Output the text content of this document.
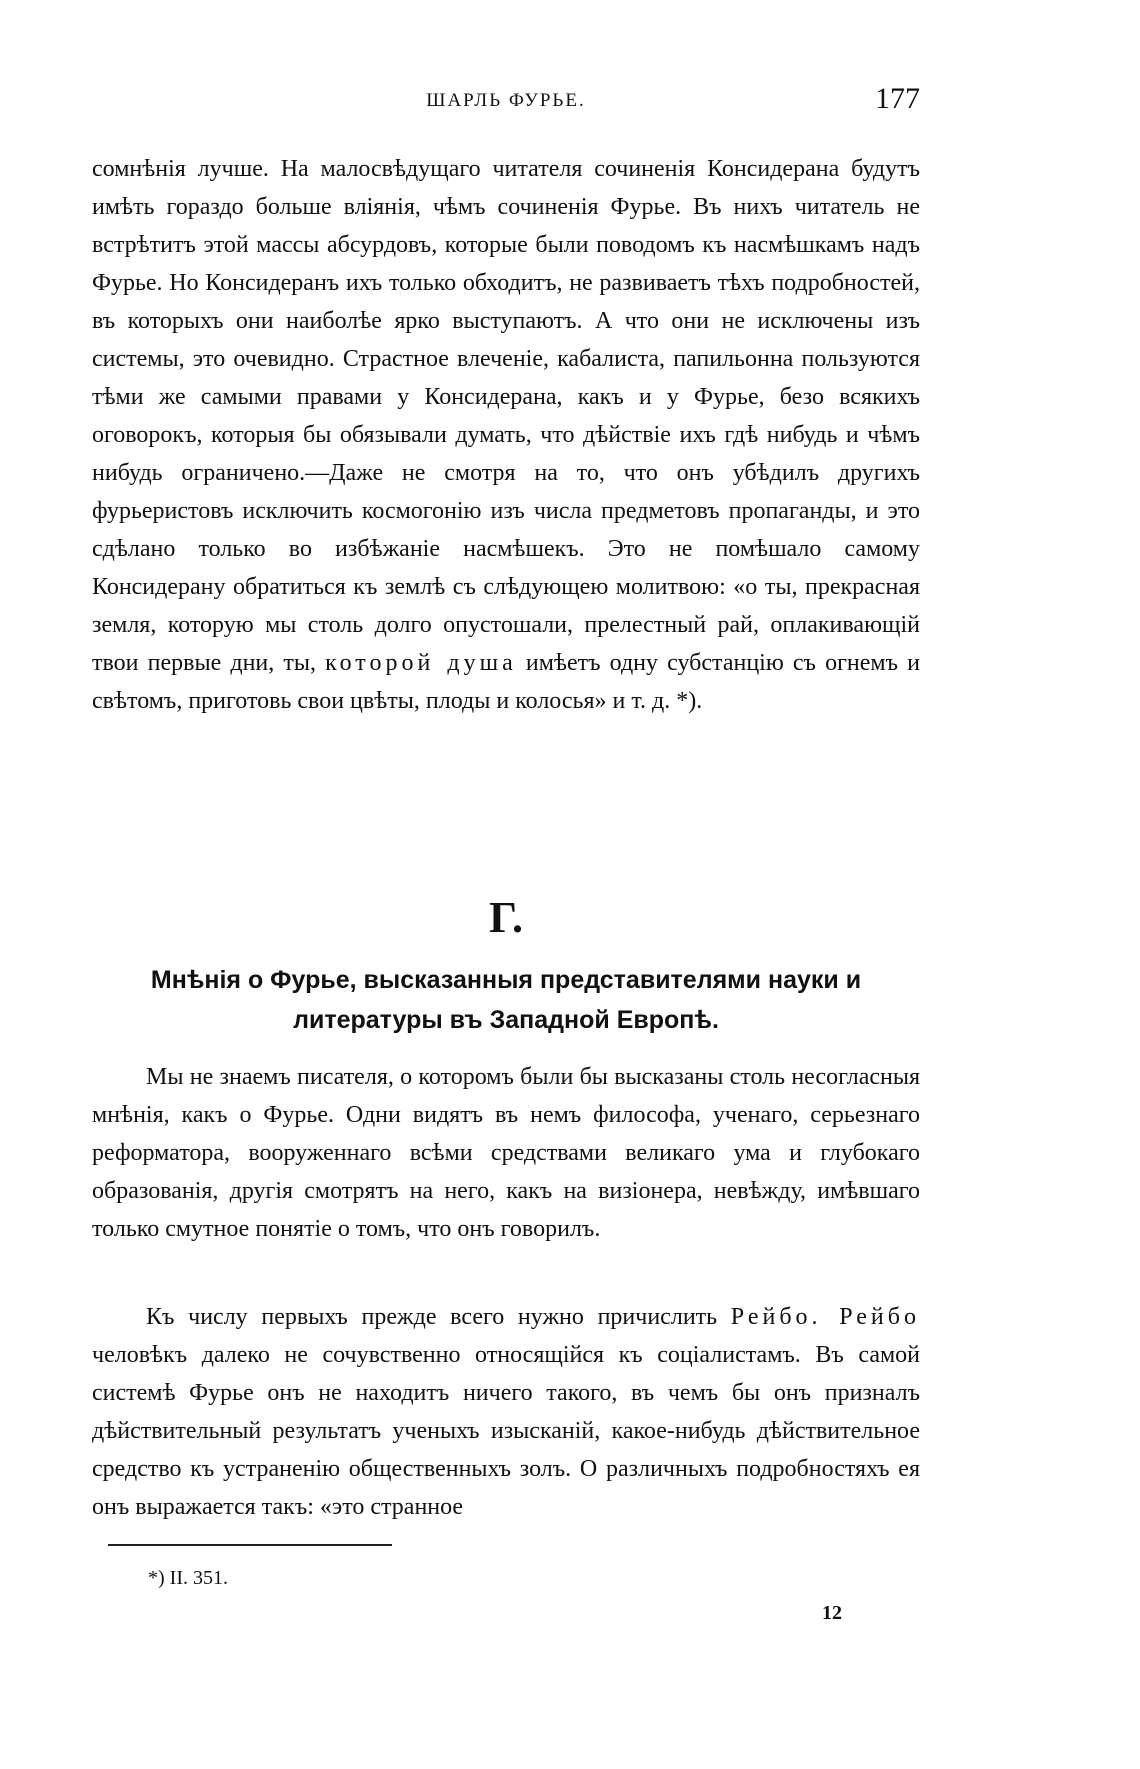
ШАРЛЬ ФУРЬЕ.	177

сомнѣнія лучше. На малосвѣдущаго читателя сочиненія Консидерана будутъ имѣть гораздо больше вліянія, чѣмъ сочиненія Фурье. Въ нихъ читатель не встрѣтитъ этой массы абсурдовъ, которые были поводомъ къ насмѣшкамъ надъ Фурье. Но Консидеранъ ихъ только обходитъ, не развиваетъ тѣхъ подробностей, въ которыхъ они наиболѣе ярко выступаютъ. А что они не исключены изъ системы, это очевидно. Страстное влеченіе, кабалиста, папильонна пользуются тѣми же самыми правами у Консидерана, какъ и у Фурье, безо всякихъ оговорокъ, которыя бы обязывали думать, что дѣйствіе ихъ гдѣ нибудь и чѣмъ нибудь ограничено.—Даже не смотря на то, что онъ убѣдилъ другихъ фурьеристовъ исключить космогонію изъ числа предметовъ пропаганды, и это сдѣлано только во избѣжаніе насмѣшекъ. Это не помѣшало самому Консидерану обратиться къ землѣ съ слѣдующею молитвою: «о ты, прекрасная земля, которую мы столь долго опустошали, прелестный рай, оплакивающій твои первые дни, ты, которой душа имѣетъ одну субстанцію съ огнемъ и свѣтомъ, приготовь свои цвѣты, плоды и колосья» и т. д. *).

Г.
Мнѣнія о Фурье, высказанныя представителями науки и литературы въ Западной Европѣ.

Мы не знаемъ писателя, о которомъ были бы высказаны столь несогласныя мнѣнія, какъ о Фурье. Одни видятъ въ немъ философа, ученаго, серьезнаго реформатора, вооруженнаго всѣми средствами великаго ума и глубокаго образованія, другія смотрятъ на него, какъ на визіонера, невѣжду, имѣвшаго только смутное понятіе о томъ, что онъ говорилъ.

Къ числу первыхъ прежде всего нужно причислить Рейбо. Рейбо человѣкъ далеко не сочувственно относящійся къ соціалистамъ. Въ самой системѣ Фурье онъ не находитъ ничего такого, въ чемъ бы онъ призналъ дѣйствительный результатъ ученыхъ изысканій, какое-нибудь дѣйствительное средство къ устраненію общественныхъ золъ. О различныхъ подробностяхъ ея онъ выражается такъ: «это странное

*) II. 351.
12
